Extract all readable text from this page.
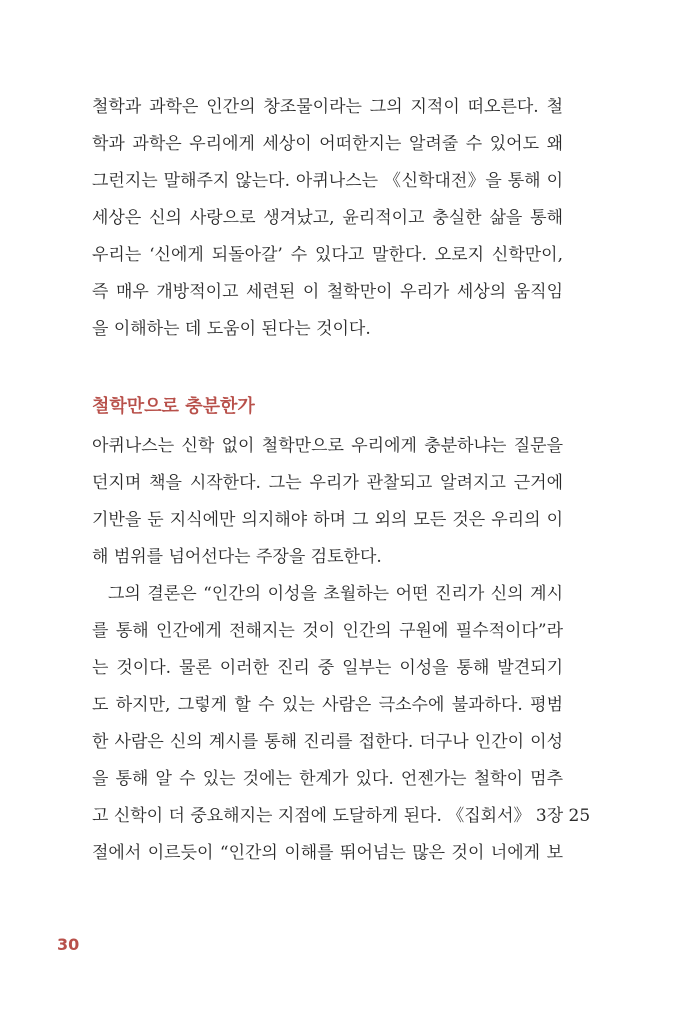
철학과 과학은 인간의 창조물이라는 그의 지적이 떠오른다. 철
학과 과학은 우리에게 세상이 어떠한지는 알려줄 수 있어도 왜
그런지는 말해주지 않는다. 아퀴나스는 《신학대전》을 통해 이
세상은 신의 사랑으로 생겨났고, 윤리적이고 충실한 삶을 통해
우리는 ‘신에게 되돌아갈’ 수 있다고 말한다. 오로지 신학만이,
즉 매우 개방적이고 세련된 이 철학만이 우리가 세상의 움직임
을 이해하는 데 도움이 된다는 것이다.
철학만으로 충분한가
아퀴나스는 신학 없이 철학만으로 우리에게 충분하냐는 질문을
던지며 책을 시작한다. 그는 우리가 관찰되고 알려지고 근거에
기반을 둔 지식에만 의지해야 하며 그 외의 모든 것은 우리의 이
해 범위를 넘어선다는 주장을 검토한다.
그의 결론은 “인간의 이성을 초월하는 어떤 진리가 신의 계시
를 통해 인간에게 전해지는 것이 인간의 구원에 필수적이다”라
는 것이다. 물론 이러한 진리 중 일부는 이성을 통해 발견되기
도 하지만, 그렇게 할 수 있는 사람은 극소수에 불과하다. 평범
한 사람은 신의 계시를 통해 진리를 접한다. 더구나 인간이 이성
을 통해 알 수 있는 것에는 한계가 있다. 언젠가는 철학이 멈추
고 신학이 더 중요해지는 지점에 도달하게 된다. 《집회서》 3장 25
절에서 이르듯이 “인간의 이해를 뛰어넘는 많은 것이 너에게 보
30
